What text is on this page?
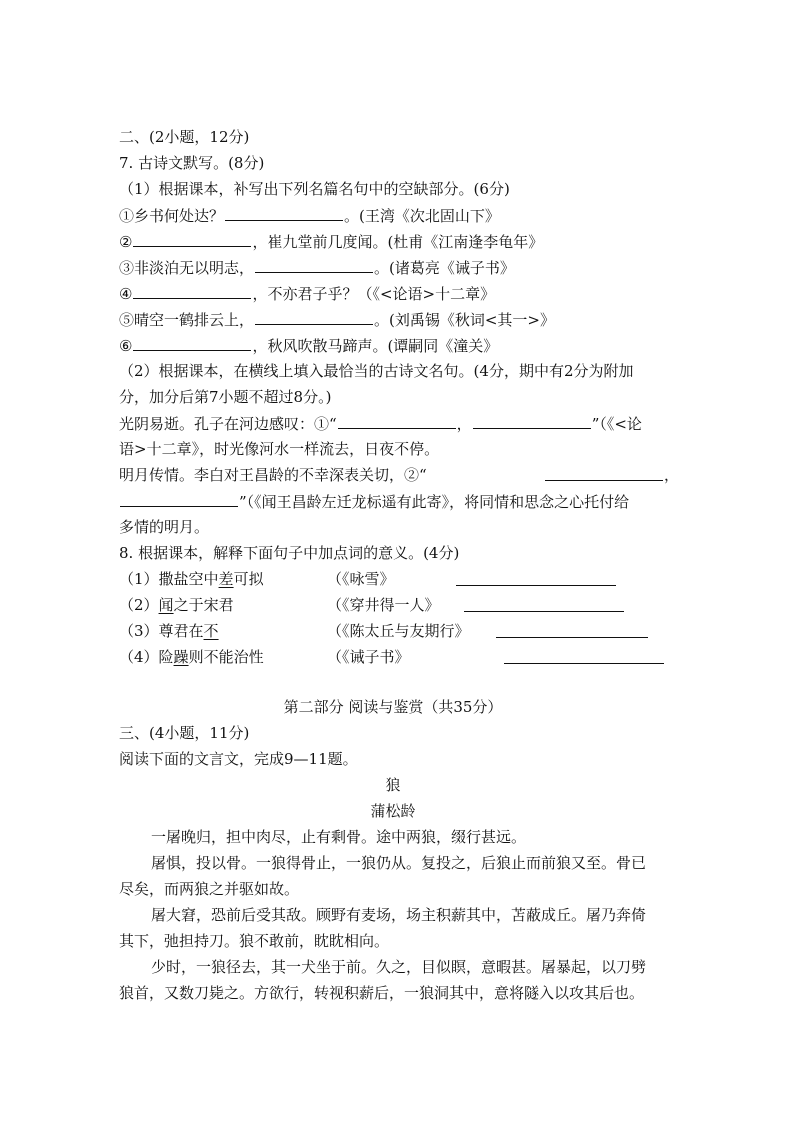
二、(2小题，12分)
7. 古诗文默写。(8分)
（1）根据课本，补写出下列名篇名句中的空缺部分。(6分)
①乡书何处达？	。(王湾《次北固山下》
②	，崔九堂前几度闻。(杜甫《江南逢李龟年》
③非淡泊无以明志，	。(诸葛亮《诫子书》
④	，不亦君子乎？（《<论语>十二章》
⑤晴空一鹤排云上，	。(刘禹锡《秋词<其一>》
⑥	，秋风吹散马蹄声。(谭嗣同《潼关》
（2）根据课本，在横线上填入最恰当的古诗文名句。(4分，期中有2分为附加
分，加分后第7小题不超过8分。)
光阴易逝。孔子在河边感叹：①“	，	”（《<论
语>十二章》，时光像河水一样流去，日夜不停。
明月传情。李白对王昌龄的不幸深表关切，②“	，
”（《闻王昌龄左迁龙标遥有此寄》，将同情和思念之心托付给
多情的明月。
8. 根据课本，解释下面句子中加点词的意义。(4分)
（1）撒盐空中差可拟	（《咏雪》
（2）闻之于宋君	（《穿井得一人》
（3）尊君在不	（《陈太丘与友期行》
（4）险躁则不能治性	（《诫子书》
第二部分 阅读与鉴赏（共35分）
三、(4小题，11分)
阅读下面的文言文，完成9—11题。
狼
蒲松龄
一屠晚归，担中肉尽，止有剩骨。途中两狼，缀行甚远。
屠惧，投以骨。一狼得骨止，一狼仍从。复投之，后狼止而前狼又至。骨已
尽矣，而两狼之并驱如故。
屠大窘，恐前后受其敌。顾野有麦场，场主积薪其中，苫蔽成丘。屠乃奔倚
其下，弛担持刀。狼不敢前，眈眈相向。
少时，一狼径去，其一犬坐于前。久之，目似瞑，意暇甚。屠暴起，以刀劈
狼首，又数刀毙之。方欲行，转视积薪后，一狼洞其中，意将隧入以攻其后也。
